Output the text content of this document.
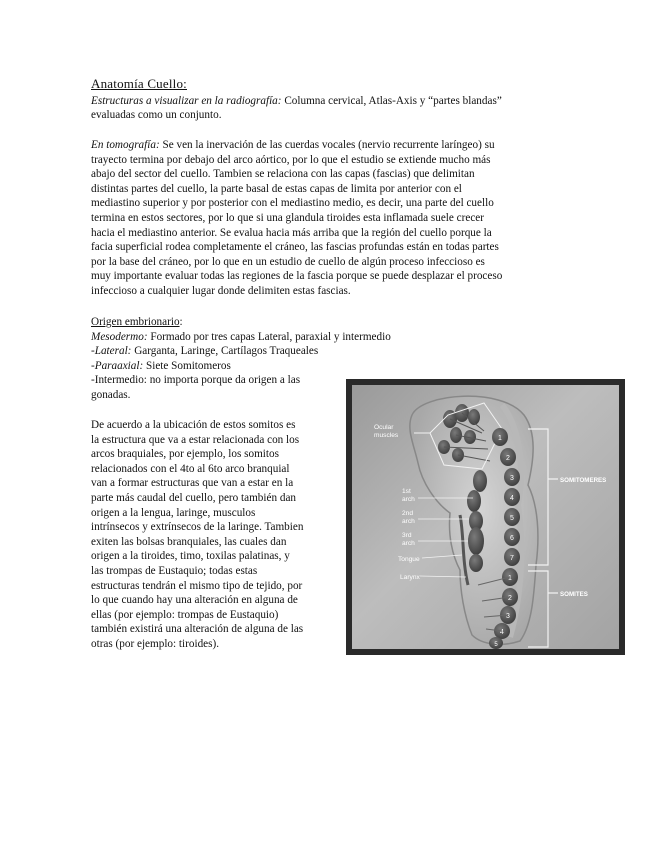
Anatomía Cuello:
Estructuras a visualizar en la radiografía: Columna cervical, Atlas-Axis y “partes blandas”
evaluadas como un conjunto.
En tomografía: Se ven la inervación de las cuerdas vocales (nervio recurrente laríngeo) su
trayecto termina por debajo del arco aórtico, por lo que el estudio se extiende mucho más
abajo del sector del cuello. Tambien se relaciona con las capas (fascias) que delimitan
distintas partes del cuello, la parte basal de estas capas de limita por anterior con el
mediastino superior y por posterior con el mediastino medio, es decir, una parte del cuello
termina en estos sectores, por lo que si una glandula tiroides esta inflamada suele crecer
hacia el mediastino anterior. Se evalua hacia más arriba que la región del cuello porque la
facia superficial rodea completamente el cráneo, las fascias profundas están en todas partes
por la base del cráneo, por lo que en un estudio de cuello de algún proceso infeccioso es
muy importante evaluar todas las regiones de la fascia porque se puede desplazar el proceso
infeccioso a cualquier lugar donde delimiten estas fascias.
Origen embrionario:
Mesodermo: Formado por tres capas Lateral, paraxial y intermedio
-Lateral: Garganta, Laringe, Cartílagos Traqueales
-Paraaxial: Siete Somitomeros
-Intermedio: no importa porque da origen a las
gonadas.
De acuerdo a la ubicación de estos somitos es
la estructura que va a estar relacionada con los
arcos braquiales, por ejemplo, los somitos
relacionados con el 4to al 6to arco branquial
van a formar estructuras que van a estar en la
parte más caudal del cuello, pero también dan
origen a la lengua, laringe, musculos
intrínsecos y extrínsecos de la laringe. Tambien
exiten las bolsas branquiales, las cuales dan
origen a la tiroides, timo, toxilas palatinas, y
las trompas de Eustaquio; todas estas
estructuras tendrán el mismo tipo de tejido, por
lo que cuando hay una alteración en alguna de
ellas (por ejemplo: trompas de Eustaquio)
también existirá una alteración de alguna de las
otras (por ejemplo: tiroides).
1
2
3
4
5
6
7
1
2
3
4
5
SOMITOMERES
SOMITES
Ocular
muscles
1st
arch
2nd
arch
3rd
arch
Tongue
Larynx
